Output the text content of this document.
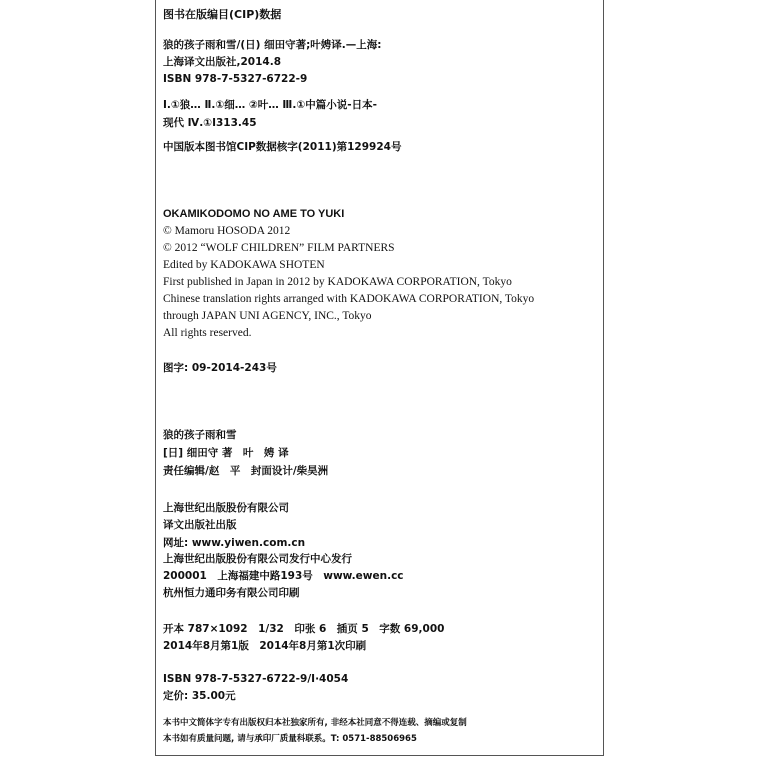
图书在版编目(CIP)数据
狼的孩子雨和雪/(日) 细田守著;叶娉译.—上海:
上海译文出版社,2014.8
ISBN 978-7-5327-6722-9
Ⅰ.①狼… Ⅱ.①细… ②叶… Ⅲ.①中篇小说-日本-
现代 Ⅳ.①I313.45
中国版本图书馆CIP数据核字(2011)第129924号
OKAMIKODOMO NO AME TO YUKI
© Mamoru HOSODA 2012
© 2012 “WOLF CHILDREN” FILM PARTNERS
Edited by KADOKAWA SHOTEN
First published in Japan in 2012 by KADOKAWA CORPORATION, Tokyo
Chinese translation rights arranged with KADOKAWA CORPORATION, Tokyo
through JAPAN UNI AGENCY, INC., Tokyo
All rights reserved.
图字: 09-2014-243号
狼的孩子雨和雪
[日] 细田守 著　叶　娉 译
责任编辑/赵　平　封面设计/柴昊洲
上海世纪出版股份有限公司
译文出版社出版
网址: www.yiwen.com.cn
上海世纪出版股份有限公司发行中心发行
200001　上海福建中路193号　www.ewen.cc
杭州恒力通印务有限公司印刷
开本 787×1092　1/32　印张 6　插页 5　字数 69,000
2014年8月第1版　2014年8月第1次印刷
ISBN 978-7-5327-6722-9/I·4054
定价: 35.00元
本书中文简体字专有出版权归本社独家所有, 非经本社同意不得连载、摘编或复制
本书如有质量问题, 请与承印厂质量科联系。T: 0571-88506965
